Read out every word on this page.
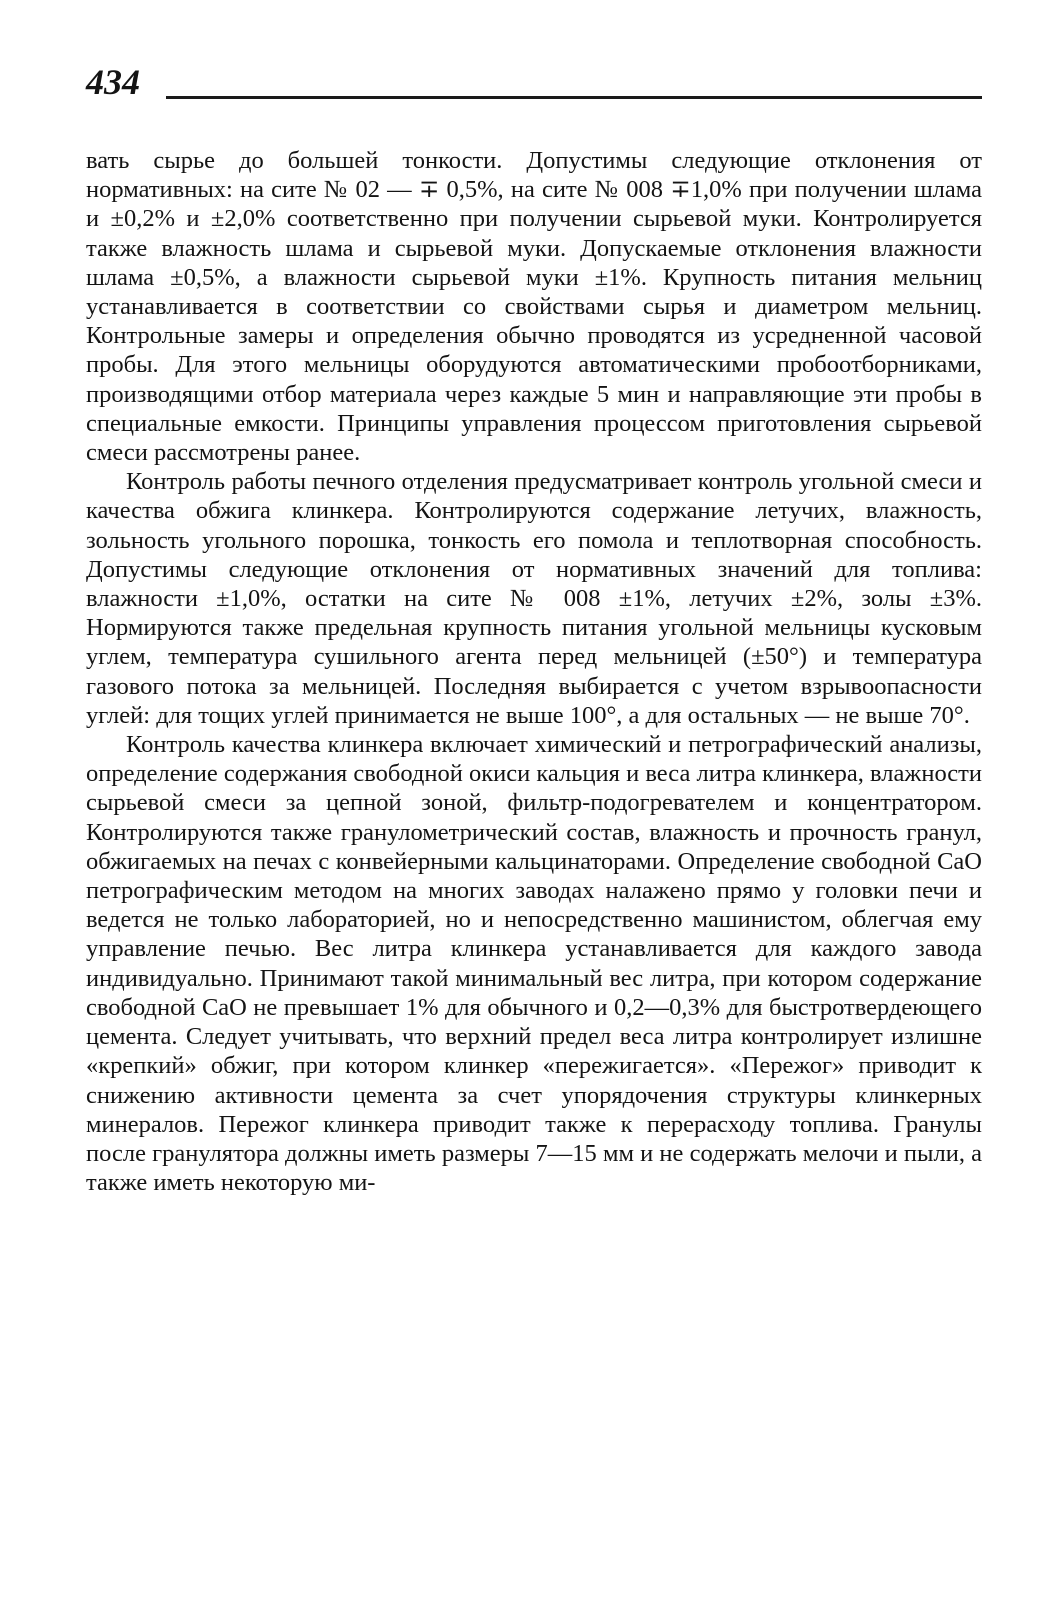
434

вать сырье до большей тонкости. Допустимы следующие отклонения от нормативных: на сите № 02 — ∓ 0,5%, на сите № 008 ∓1,0% при получении шлама и ±0,2% и ±2,0% соответственно при получении сырьевой муки. Контролируется также влажность шлама и сырьевой муки. Допускаемые отклонения влажности шлама ±0,5%, а влажности сырьевой муки ±1%. Крупность питания мельниц устанавливается в соответствии со свойствами сырья и диаметром мельниц. Контрольные замеры и определения обычно проводятся из усредненной часовой пробы. Для этого мельницы оборудуются автоматическими пробоотборниками, производящими отбор материала через каждые 5 мин и направляющие эти пробы в специальные емкости. Принципы управления процессом приготовления сырьевой смеси рассмотрены ранее.

Контроль работы печного отделения предусматривает контроль угольной смеси и качества обжига клинкера. Контролируются содержание летучих, влажность, зольность угольного порошка, тонкость его помола и теплотворная способность. Допустимы следующие отклонения от нормативных значений для топлива: влажности ±1,0%, остатки на сите № 008 ±1%, летучих ±2%, золы ±3%. Нормируются также предельная крупность питания угольной мельницы кусковым углем, температура сушильного агента перед мельницей (±50°) и температура газового потока за мельницей. Последняя выбирается с учетом взрывоопасности углей: для тощих углей принимается не выше 100°, а для остальных — не выше 70°.

Контроль качества клинкера включает химический и петрографический анализы, определение содержания свободной окиси кальция и веса литра клинкера, влажности сырьевой смеси за цепной зоной, фильтр-подогревателем и концентратором. Контролируются также гранулометрический состав, влажность и прочность гранул, обжигаемых на печах с конвейерными кальцинаторами. Определение свободной CaO петрографическим методом на многих заводах налажено прямо у головки печи и ведется не только лабораторией, но и непосредственно машинистом, облегчая ему управление печью. Вес литра клинкера устанавливается для каждого завода индивидуально. Принимают такой минимальный вес литра, при котором содержание свободной CaO не превышает 1% для обычного и 0,2—0,3% для быстротвердеющего цемента. Следует учитывать, что верхний предел веса литра контролирует излишне «крепкий» обжиг, при котором клинкер «пережигается». «Пережог» приводит к снижению активности цемента за счет упорядочения структуры клинкерных минералов. Пережог клинкера приводит также к перерасходу топлива. Гранулы после гранулятора должны иметь размеры 7—15 мм и не содержать мелочи и пыли, а также иметь некоторую ми-
